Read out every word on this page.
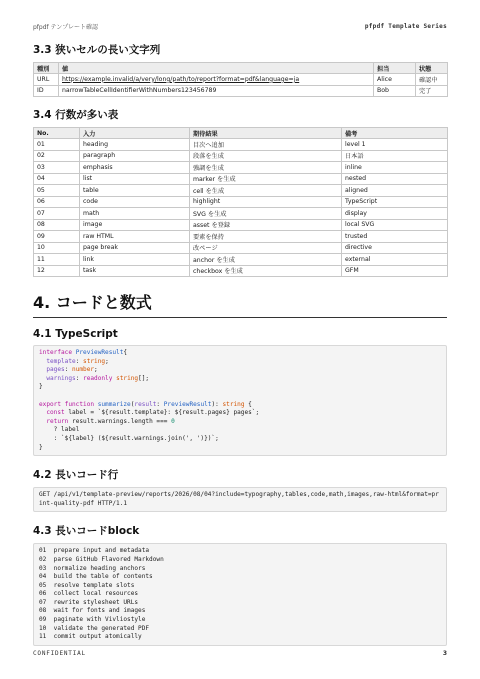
pfpdf テンプレート確認	pfpdf Template Series
3.3 狭いセルの長い文字列
種別	値	担当	状態
URL	https://example.invalid/a/very/long/path/to/report?format=pdf&language=ja	Alice	確認中
ID	narrowTableCellIdentifierWithNumbers123456789	Bob	完了
3.4 行数が多い表
No.	入力	期待結果	備考
01	heading	目次へ追加	level 1
02	paragraph	段落を生成	日本語
03	emphasis	強調を生成	inline
04	list	marker を生成	nested
05	table	cell を生成	aligned
06	code	highlight	TypeScript
07	math	SVG を生成	display
08	image	asset を登録	local SVG
09	raw HTML	要素を保持	trusted
10	page break	改ページ	directive
11	link	anchor を生成	external
12	task	checkbox を生成	GFM
4. コードと数式
4.1 TypeScript
interface PreviewResult{
template: string;
pages: number;
warnings: readonly string[];
}

export function summarize(result: PreviewResult): string {
const label = `${result.template}: ${result.pages} pages`;
return result.warnings.length === 0
? label
: `${label} (${result.warnings.join(', ')})`;
}
4.2 長いコード行
GET /api/v1/template-preview/reports/2026/08/04?include=typography,tables,code,math,images,raw-html&format=print-quality-pdf HTTP/1.1
4.3 長いコードblock
01  prepare input and metadata
02  parse GitHub Flavored Markdown
03  normalize heading anchors
04  build the table of contents
05  resolve template slots
06  collect local resources
07  rewrite stylesheet URLs
08  wait for fonts and images
09  paginate with Vivliostyle
10  validate the generated PDF
11  commit output atomically
CONFIDENTIAL	3
